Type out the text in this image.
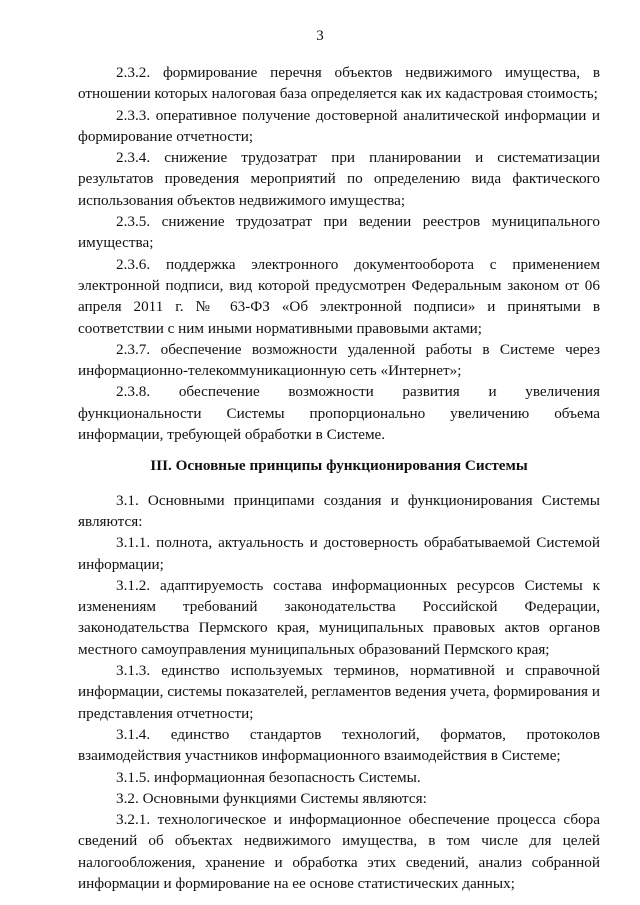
3

2.3.2. формирование перечня объектов недвижимого имущества, в отношении которых налоговая база определяется как их кадастровая стоимость;

2.3.3. оперативное получение достоверной аналитической информации и формирование отчетности;

2.3.4. снижение трудозатрат при планировании и систематизации результатов проведения мероприятий по определению вида фактического использования объектов недвижимого имущества;

2.3.5. снижение трудозатрат при ведении реестров муниципального имущества;

2.3.6. поддержка электронного документооборота с применением электронной подписи, вид которой предусмотрен Федеральным законом от 06 апреля 2011 г. № 63-ФЗ «Об электронной подписи» и принятыми в соответствии с ним иными нормативными правовыми актами;

2.3.7. обеспечение возможности удаленной работы в Системе через информационно-телекоммуникационную сеть «Интернет»;

2.3.8. обеспечение возможности развития и увеличения функциональности Системы пропорционально увеличению объема информации, требующей обработки в Системе.

III. Основные принципы функционирования Системы

3.1. Основными принципами создания и функционирования Системы являются:

3.1.1. полнота, актуальность и достоверность обрабатываемой Системой информации;

3.1.2. адаптируемость состава информационных ресурсов Системы к изменениям требований законодательства Российской Федерации, законодательства Пермского края, муниципальных правовых актов органов местного самоуправления муниципальных образований Пермского края;

3.1.3. единство используемых терминов, нормативной и справочной информации, системы показателей, регламентов ведения учета, формирования и представления отчетности;

3.1.4. единство стандартов технологий, форматов, протоколов взаимодействия участников информационного взаимодействия в Системе;

3.1.5. информационная безопасность Системы.

3.2. Основными функциями Системы являются:

3.2.1. технологическое и информационное обеспечение процесса сбора сведений об объектах недвижимого имущества, в том числе для целей налогообложения, хранение и обработка этих сведений, анализ собранной информации и формирование на ее основе статистических данных;
